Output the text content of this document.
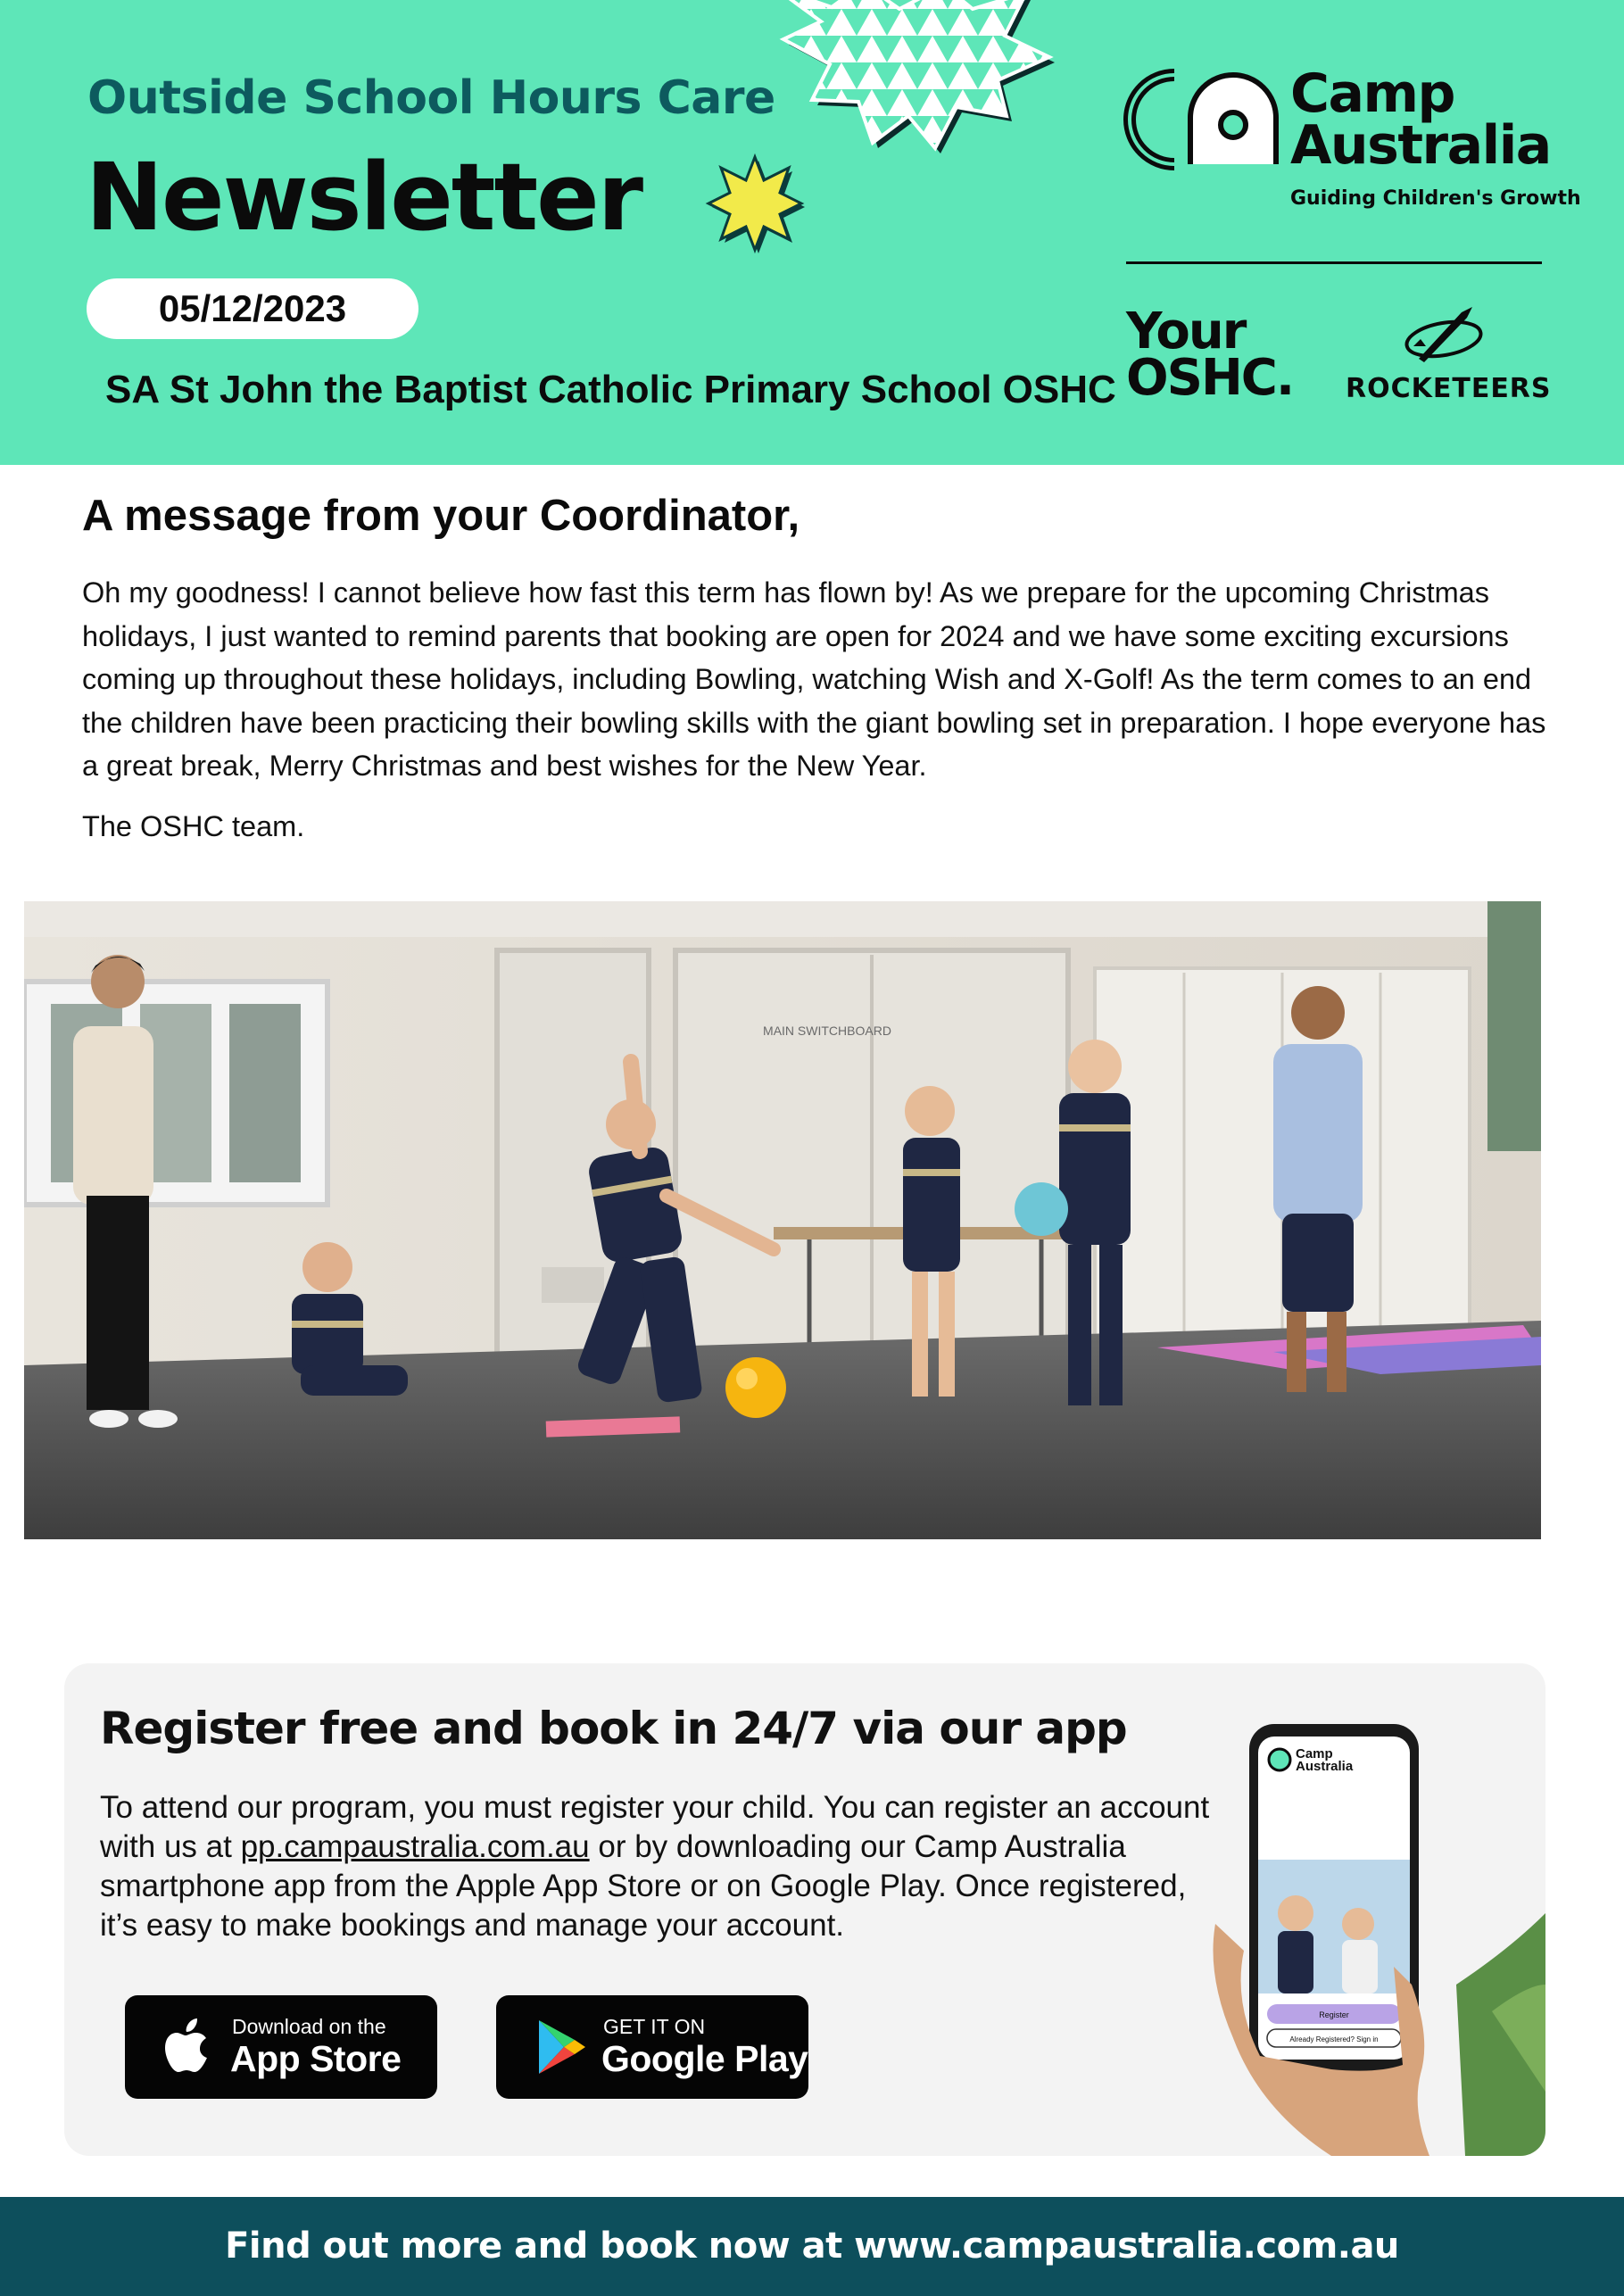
Outside School Hours Care
Newsletter
05/12/2023
SA St John the Baptist Catholic Primary School OSHC
Camp
Australia
Guiding Children's Growth
Your
OSHC. ROCKETEERS
A message from your Coordinator,
Oh my goodness! I cannot believe how fast this term has flown by! As we prepare for the upcoming Christmas holidays, I just wanted to remind parents that booking are open for 2024 and we have some exciting excursions coming up throughout these holidays, including Bowling, watching Wish and X-Golf! As the term comes to an end the children have been practicing their bowling skills with the giant bowling set in preparation. I hope everyone has a great break, Merry Christmas and best wishes for the New Year.
The OSHC team.
MAIN SWITCHBOARD
Register free and book in 24/7 via our app
To attend our program, you must register your child. You can register an account with us at pp.campaustralia.com.au or by downloading our Camp Australia smartphone app from the Apple App Store or on Google Play. Once registered, it’s easy to make bookings and manage your account.
Download on the
App Store
GET IT ON
Google Play
Camp
Australia
Register
Already Registered? Sign in
Find out more and book now at www.campaustralia.com.au
